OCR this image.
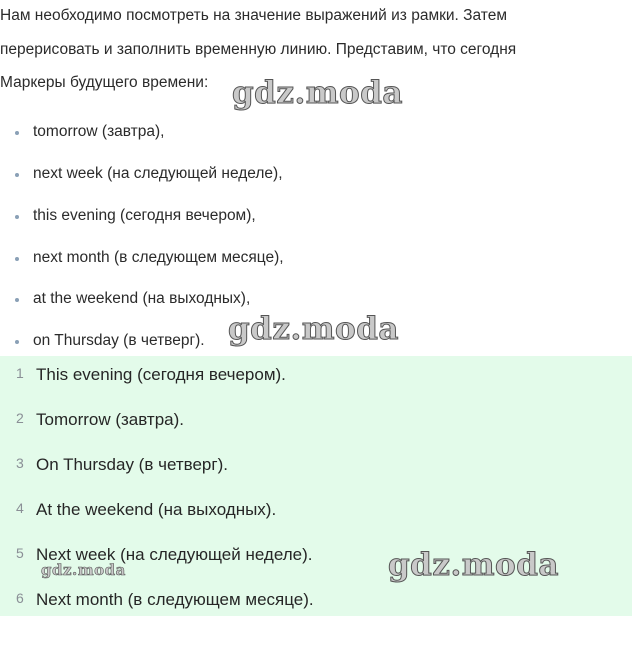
Нам необходимо посмотреть на значение выражений из рамки. Затем

перерисовать и заполнить временную линию. Представим, что сегодня

Маркеры будущего времени:

tomorrow (завтра),
next week (на следующей неделе),
this evening (сегодня вечером),
next month (в следующем месяце),
at the weekend (на выходных),
on Thursday (в четверг).
1 This evening (сегодня вечером).
2 Tomorrow (завтра).
3 On Thursday (в четверг).
4 At the weekend (на выходных).
5 Next week (на следующей неделе).
6 Next month (в следующем месяце).
gdz.moda
gdz.moda
gdz.moda
gdz.moda
